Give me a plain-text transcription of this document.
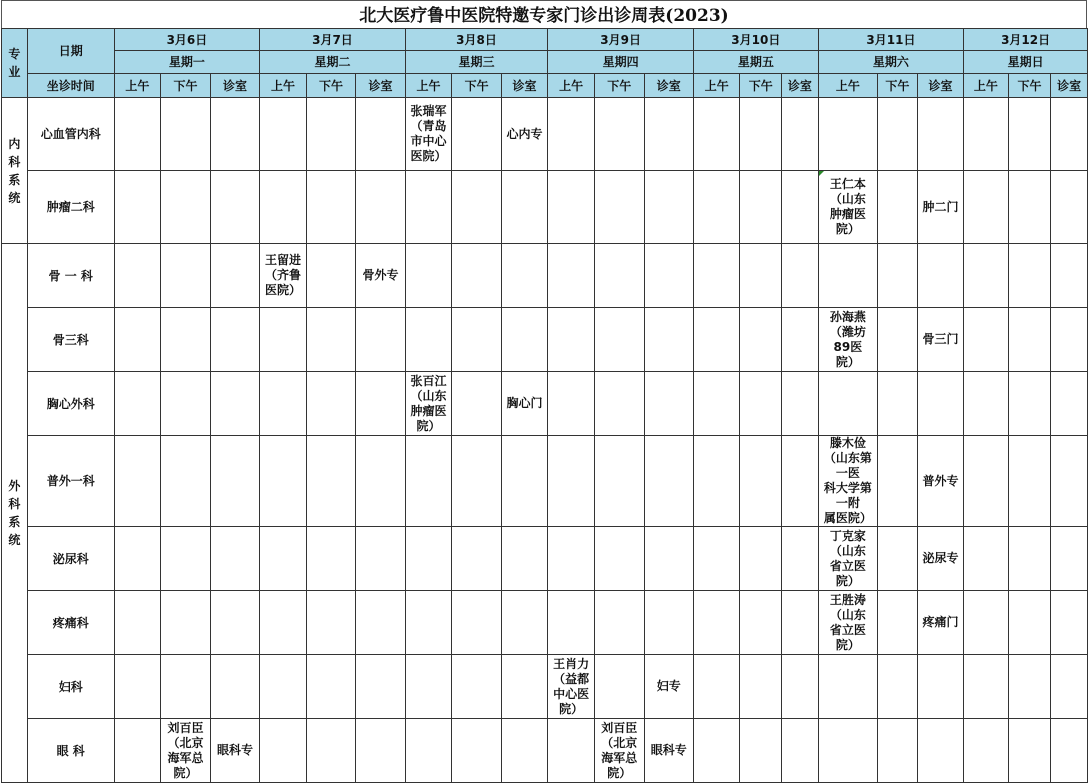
北大医疗鲁中医院特邀专家门诊出诊周表(2023)
专
业	日期	3月6日			3月7日			3月8日			3月9日			3月10日			3月11日			3月12日		
		星期一			星期二			星期三			星期四			星期五			星期六			星期日		
	坐诊时间	上午	下午	诊室	上午	下午	诊室	上午	下午	诊室	上午	下午	诊室	上午	下午	诊室	上午	下午	诊室	上午	下午	诊室
内
科
系
统	心血管内科							张瑞军
（青岛
市中心
医院）		心内专												
	肿瘤二科																王仁本
（山东
肿瘤医
院）		肿二门			
外
科
系
统	骨 一 科				王留进
（齐鲁
医院）		骨外专															
	骨三科																孙海燕
（潍坊
89医
院）		骨三门			
	胸心外科							张百江
（山东
肿瘤医
院）		胸心门												
	普外一科																滕木俭
（山东第一医
科大学第一附
属医院）		普外专			
	泌尿科																丁克家
（山东
省立医
院）		泌尿专			
	疼痛科																王胜涛
（山东
省立医
院）		疼痛门			
	妇科										王肖力
（益都
中心医
院）		妇专									
	眼 科		刘百臣
（北京
海军总
院）	眼科专								刘百臣
（北京
海军总
院）	眼科专									
